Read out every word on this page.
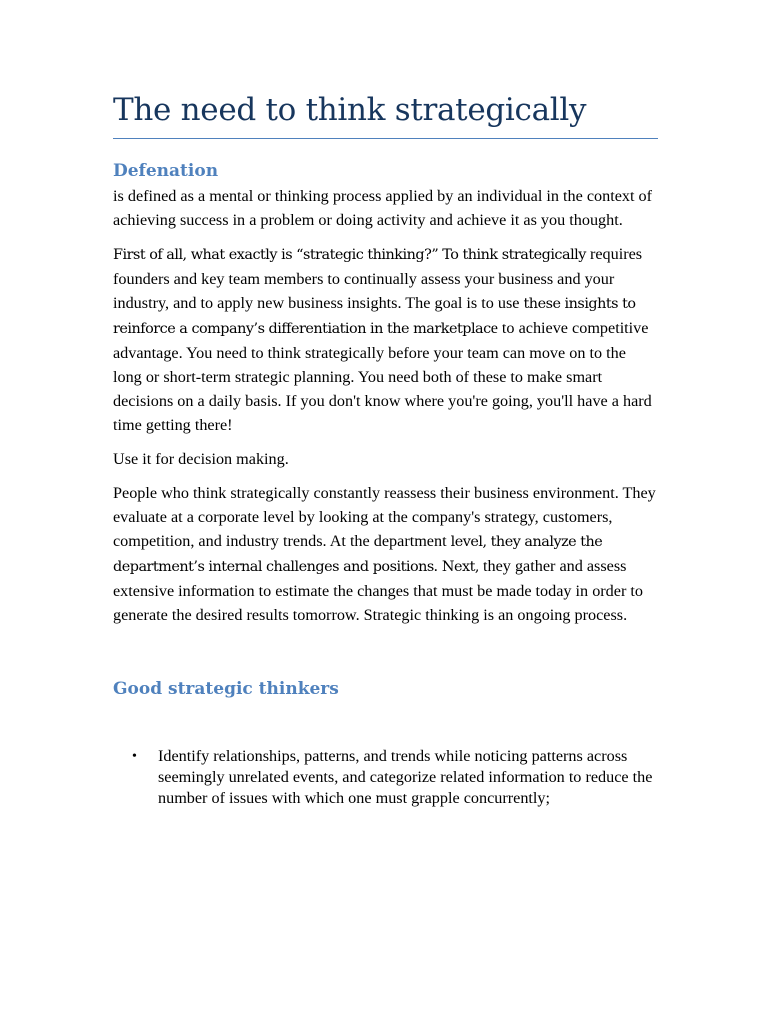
The need to think strategically
Defenation

is defined as a mental or thinking process applied by an individual in the context of achieving success in a problem or doing activity and achieve it as you thought.

First of all, what exactly is “strategic thinking?” To think strategically requires founders and key team members to continually assess your business and your industry, and to apply new business insights. The goal is to use these insights to reinforce a company’s differentiation in the marketplace to achieve competitive advantage. You need to think strategically before your team can move on to the long or short-term strategic planning. You need both of these to make smart decisions on a daily basis. If you don't know where you're going, you'll have a hard time getting there!

Use it for decision making.

People who think strategically constantly reassess their business environment. They evaluate at a corporate level by looking at the company's strategy, customers, competition, and industry trends. At the department level, they analyze the department’s internal challenges and positions. Next, they gather and assess extensive information to estimate the changes that must be made today in order to generate the desired results tomorrow. Strategic thinking is an ongoing process.

Good strategic thinkers
• Identify relationships, patterns, and trends while noticing patterns across seemingly unrelated events, and categorize related information to reduce the number of issues with which one must grapple concurrently;
